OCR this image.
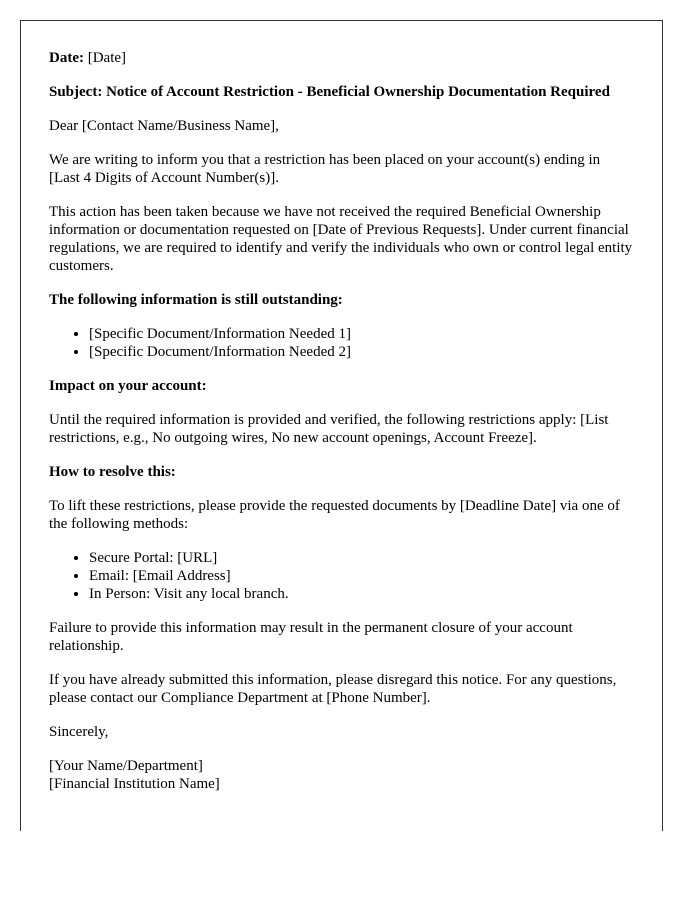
Date: [Date]

Subject: Notice of Account Restriction - Beneficial Ownership Documentation Required

Dear [Contact Name/Business Name],

We are writing to inform you that a restriction has been placed on your account(s) ending in [Last 4 Digits of Account Number(s)].

This action has been taken because we have not received the required Beneficial Ownership information or documentation requested on [Date of Previous Requests]. Under current financial regulations, we are required to identify and verify the individuals who own or control legal entity customers.

The following information is still outstanding:

• [Specific Document/Information Needed 1]
• [Specific Document/Information Needed 2]

Impact on your account:

Until the required information is provided and verified, the following restrictions apply: [List restrictions, e.g., No outgoing wires, No new account openings, Account Freeze].

How to resolve this:

To lift these restrictions, please provide the requested documents by [Deadline Date] via one of the following methods:

• Secure Portal: [URL]
• Email: [Email Address]
• In Person: Visit any local branch.

Failure to provide this information may result in the permanent closure of your account relationship.

If you have already submitted this information, please disregard this notice. For any questions, please contact our Compliance Department at [Phone Number].

Sincerely,

[Your Name/Department]
[Financial Institution Name]
